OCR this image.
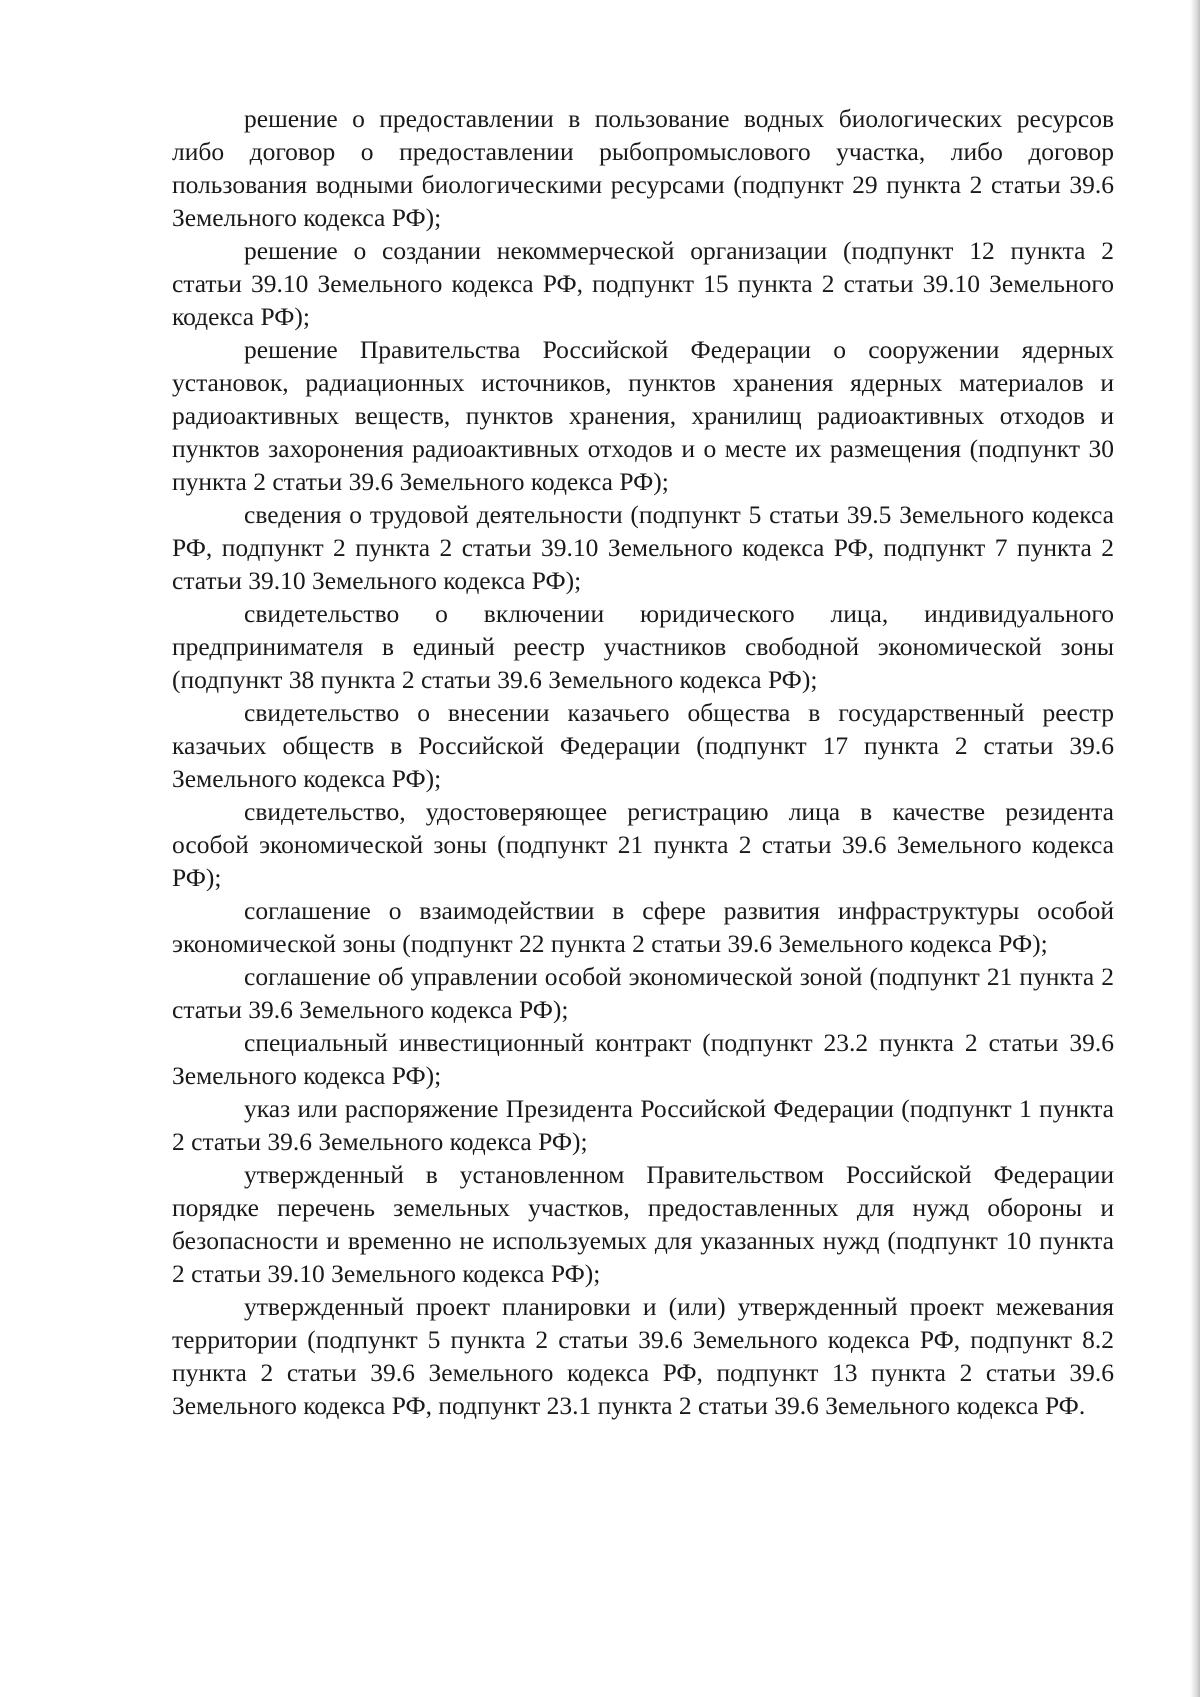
решение о предоставлении в пользование водных биологических ресурсов либо договор о предоставлении рыбопромыслового участка, либо договор пользования водными биологическими ресурсами (подпункт 29 пункта 2 статьи 39.6 Земельного кодекса РФ);

решение о создании некоммерческой организации (подпункт 12 пункта 2 статьи 39.10 Земельного кодекса РФ, подпункт 15 пункта 2 статьи 39.10 Земельного кодекса РФ);

решение Правительства Российской Федерации о сооружении ядерных установок, радиационных источников, пунктов хранения ядерных материалов и радиоактивных веществ, пунктов хранения, хранилищ радиоактивных отходов и пунктов захоронения радиоактивных отходов и о месте их размещения (подпункт 30 пункта 2 статьи 39.6 Земельного кодекса РФ);

сведения о трудовой деятельности (подпункт 5 статьи 39.5 Земельного кодекса РФ, подпункт 2 пункта 2 статьи 39.10 Земельного кодекса РФ, подпункт 7 пункта 2 статьи 39.10 Земельного кодекса РФ);

свидетельство о включении юридического лица, индивидуального предпринимателя в единый реестр участников свободной экономической зоны (подпункт 38 пункта 2 статьи 39.6 Земельного кодекса РФ);

свидетельство о внесении казачьего общества в государственный реестр казачьих обществ в Российской Федерации (подпункт 17 пункта 2 статьи 39.6 Земельного кодекса РФ);

свидетельство, удостоверяющее регистрацию лица в качестве резидента особой экономической зоны (подпункт 21 пункта 2 статьи 39.6 Земельного кодекса РФ);

соглашение о взаимодействии в сфере развития инфраструктуры особой экономической зоны (подпункт 22 пункта 2 статьи 39.6 Земельного кодекса РФ);

соглашение об управлении особой экономической зоной (подпункт 21 пункта 2 статьи 39.6 Земельного кодекса РФ);

специальный инвестиционный контракт (подпункт 23.2 пункта 2 статьи 39.6 Земельного кодекса РФ);

указ или распоряжение Президента Российской Федерации (подпункт 1 пункта 2 статьи 39.6 Земельного кодекса РФ);

утвержденный в установленном Правительством Российской Федерации порядке перечень земельных участков, предоставленных для нужд обороны и безопасности и временно не используемых для указанных нужд (подпункт 10 пункта 2 статьи 39.10 Земельного кодекса РФ);

утвержденный проект планировки и (или) утвержденный проект межевания территории (подпункт 5 пункта 2 статьи 39.6 Земельного кодекса РФ, подпункт 8.2 пункта 2 статьи 39.6 Земельного кодекса РФ, подпункт 13 пункта 2 статьи 39.6 Земельного кодекса РФ, подпункт 23.1 пункта 2 статьи 39.6 Земельного кодекса РФ.
